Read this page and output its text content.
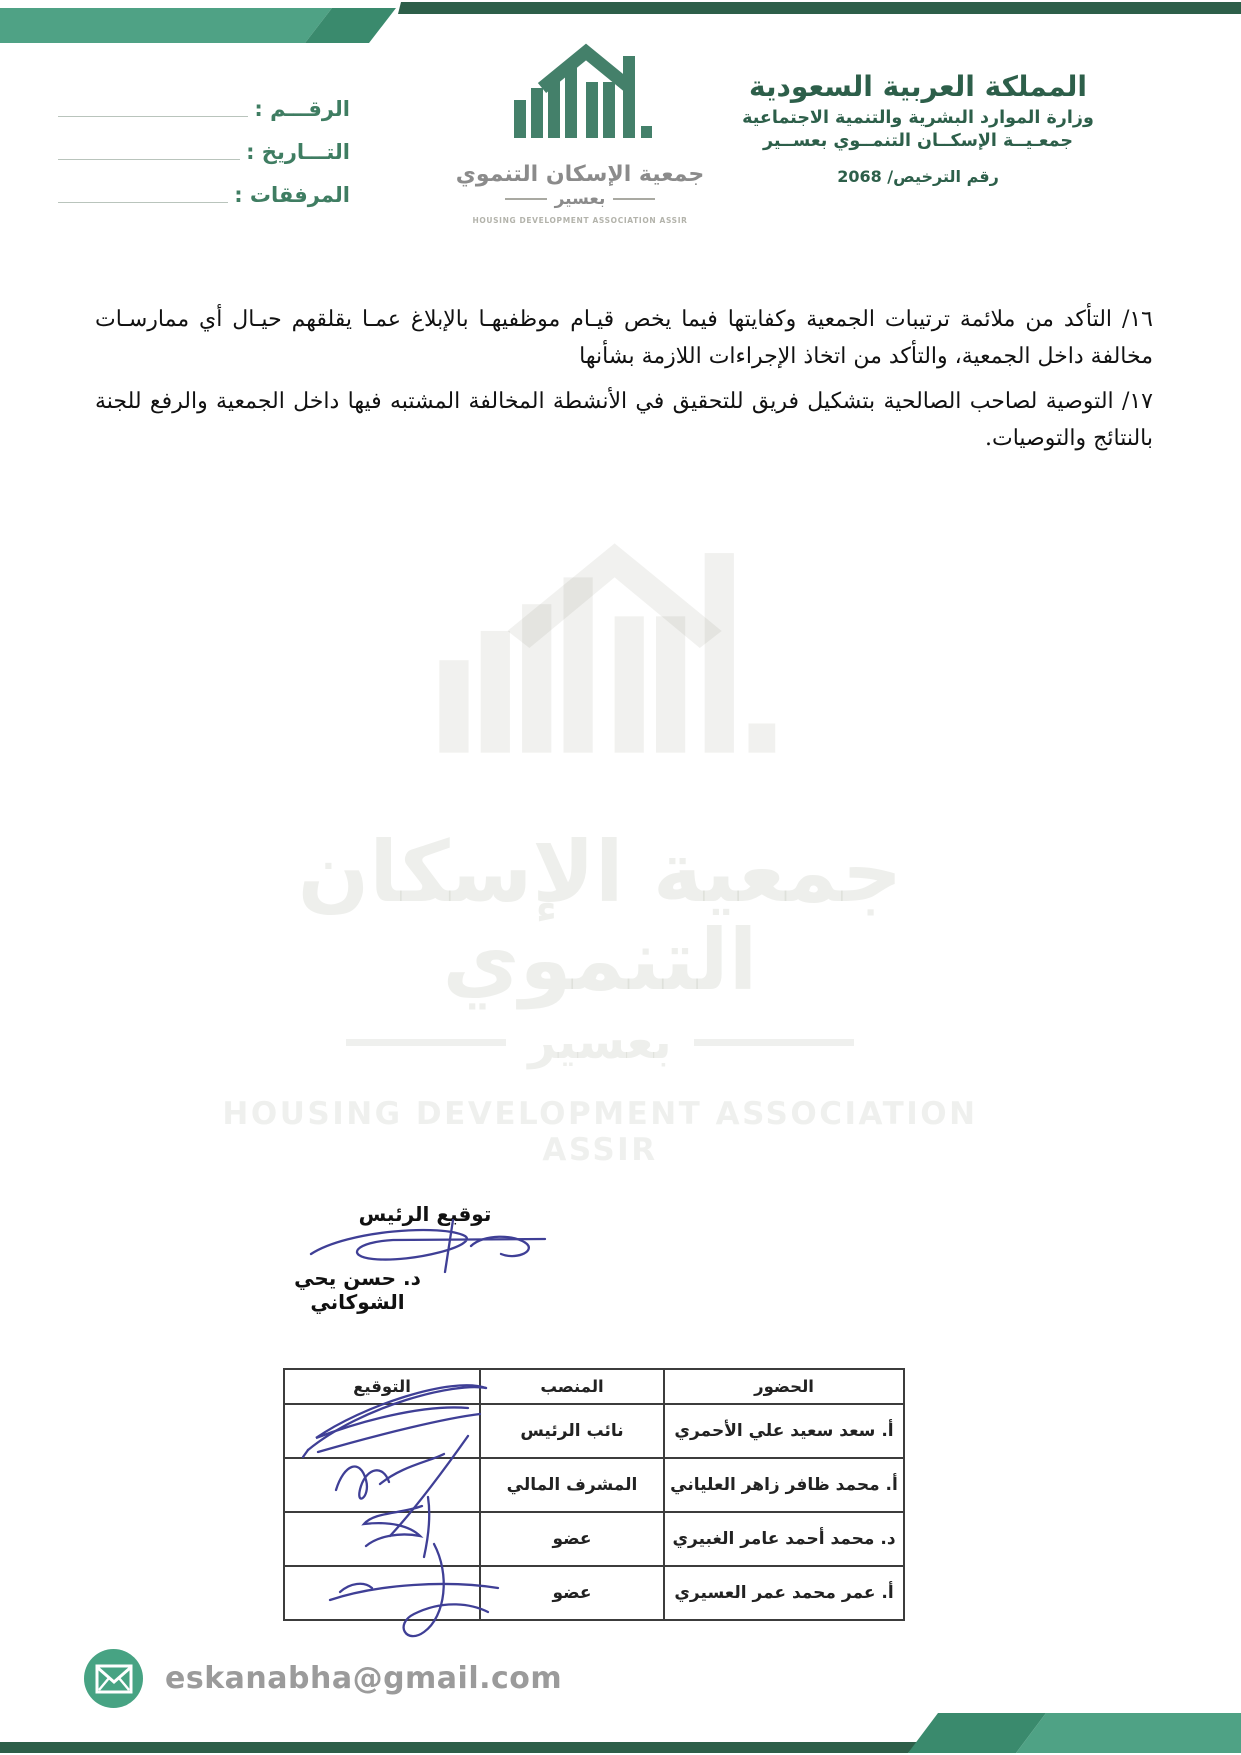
المملكة العربية السعودية
وزارة الموارد البشرية والتنمية الاجتماعية
جمعـيــة الإسكــان التنمــوي بعســير
رقم الترخيص/ 2068
جمعية الإسكان التنموي
بعسير
HOUSING DEVELOPMENT ASSOCIATION ASSIR
الرقـــم :
التـــاريخ :
المرفقات :
١٦/ التأكد من ملائمة ترتيبات الجمعية وكفايتها فيما يخص قيـام موظفيهـا بالإبلاغ عمـا يقلقهم حيـال أي ممارسـات
مخالفة داخل الجمعية، والتأكد من اتخاذ الإجراءات اللازمة بشأنها
١٧/ التوصية لصاحب الصالحية بتشكيل فريق للتحقيق في الأنشطة المخالفة المشتبه فيها داخل الجمعية والرفع للجنة
بالنتائج والتوصيات.
جمعية الإسكان التنموي
بعسير
HOUSING DEVELOPMENT ASSOCIATION ASSIR
توقيع الرئيس
د. حسن يحي الشوكاني
الحضور
المنصب
التوقيع
أ. سعد سعيد علي الأحمري
نائب الرئيس
أ. محمد ظافر زاهر العلياني
المشرف المالي
د. محمد أحمد عامر الغبيري
عضو
أ. عمر محمد عمر العسيري
عضو
eskanabha@gmail.com
